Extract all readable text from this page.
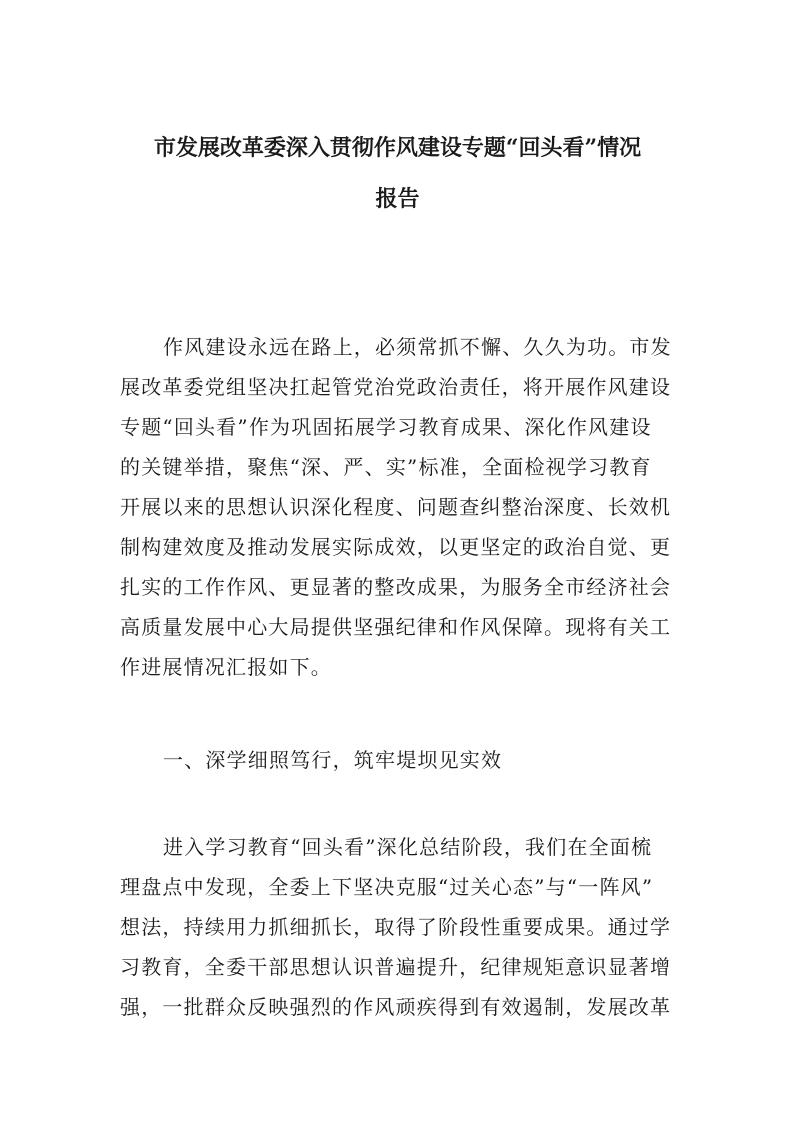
市发展改革委深入贯彻作风建设专题“回头看”情况
报告
作风建设永远在路上，必须常抓不懈、久久为功。市发
展改革委党组坚决扛起管党治党政治责任，将开展作风建设
专题“回头看”作为巩固拓展学习教育成果、深化作风建设
的关键举措，聚焦“深、严、实”标准，全面检视学习教育
开展以来的思想认识深化程度、问题查纠整治深度、长效机
制构建效度及推动发展实际成效，以更坚定的政治自觉、更
扎实的工作作风、更显著的整改成果，为服务全市经济社会
高质量发展中心大局提供坚强纪律和作风保障。现将有关工
作进展情况汇报如下。
一、深学细照笃行，筑牢堤坝见实效
进入学习教育“回头看”深化总结阶段，我们在全面梳
理盘点中发现，全委上下坚决克服“过关心态”与“一阵风”
想法，持续用力抓细抓长，取得了阶段性重要成果。通过学
习教育，全委干部思想认识普遍提升，纪律规矩意识显著增
强，一批群众反映强烈的作风顽疾得到有效遏制，发展改革
